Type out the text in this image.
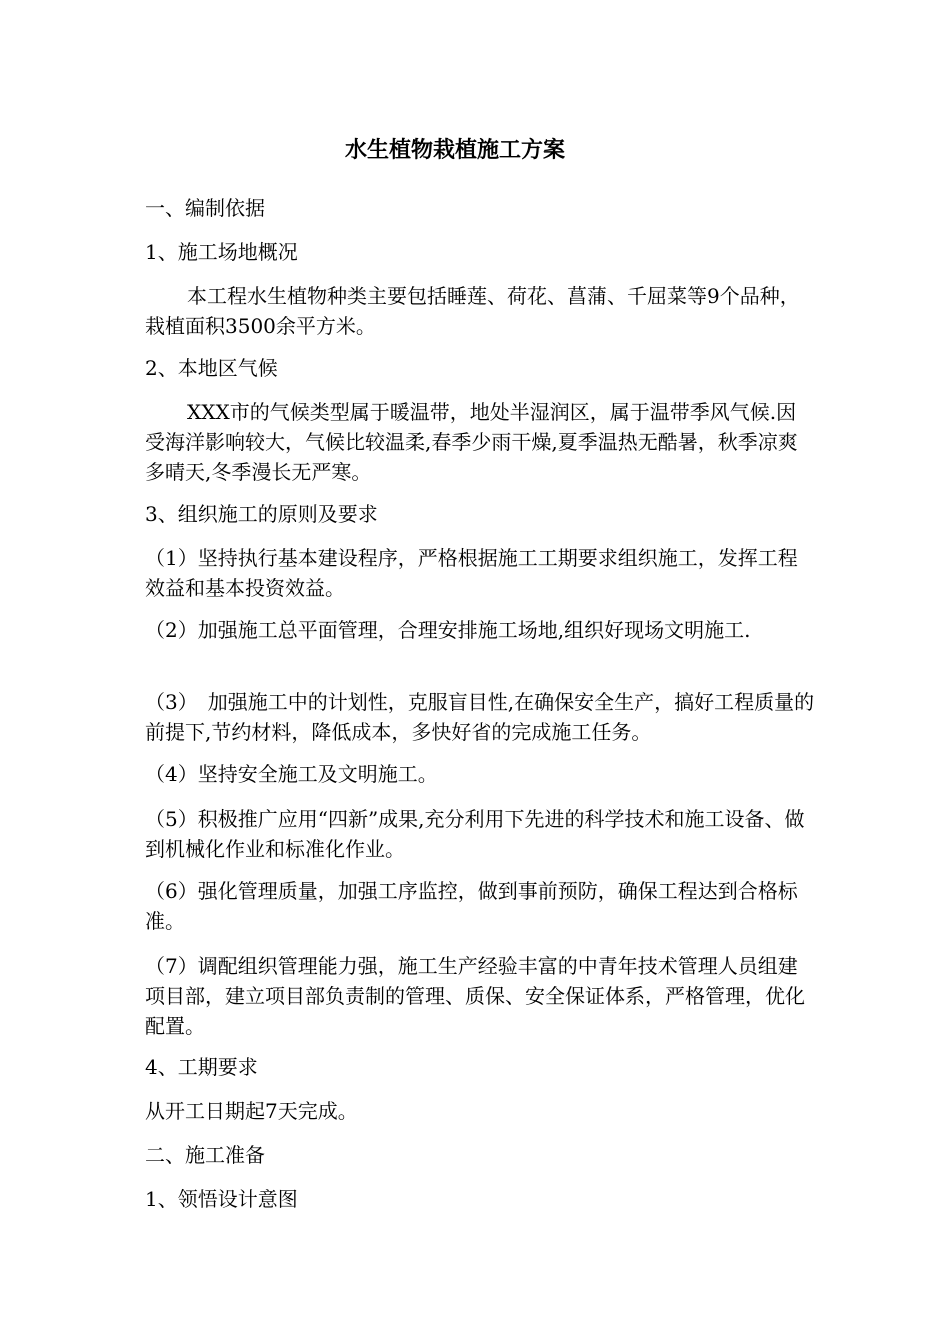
水生植物栽植施工方案

一、编制依据

1、施工场地概况

本工程水生植物种类主要包括睡莲、荷花、菖蒲、千屈菜等9个品种，栽植面积3500余平方米。

2、本地区气候

XXX市的气候类型属于暖温带，地处半湿润区，属于温带季风气候.因受海洋影响较大，气候比较温柔,春季少雨干燥,夏季温热无酷暑，秋季凉爽多晴天,冬季漫长无严寒。

3、组织施工的原则及要求

（1）坚持执行基本建设程序，严格根据施工工期要求组织施工，发挥工程效益和基本投资效益。

（2）加强施工总平面管理，合理安排施工场地,组织好现场文明施工.

（3）　加强施工中的计划性，克服盲目性,在确保安全生产，搞好工程质量的前提下,节约材料，降低成本，多快好省的完成施工任务。

（4）坚持安全施工及文明施工。

（5）积极推广应用“四新”成果,充分利用下先进的科学技术和施工设备、做到机械化作业和标准化作业。

（6）强化管理质量，加强工序监控，做到事前预防，确保工程达到合格标准。

（7）调配组织管理能力强，施工生产经验丰富的中青年技术管理人员组建项目部，建立项目部负责制的管理、质保、安全保证体系，严格管理，优化配置。

4、工期要求

从开工日期起7天完成。

二、施工准备

1、领悟设计意图
